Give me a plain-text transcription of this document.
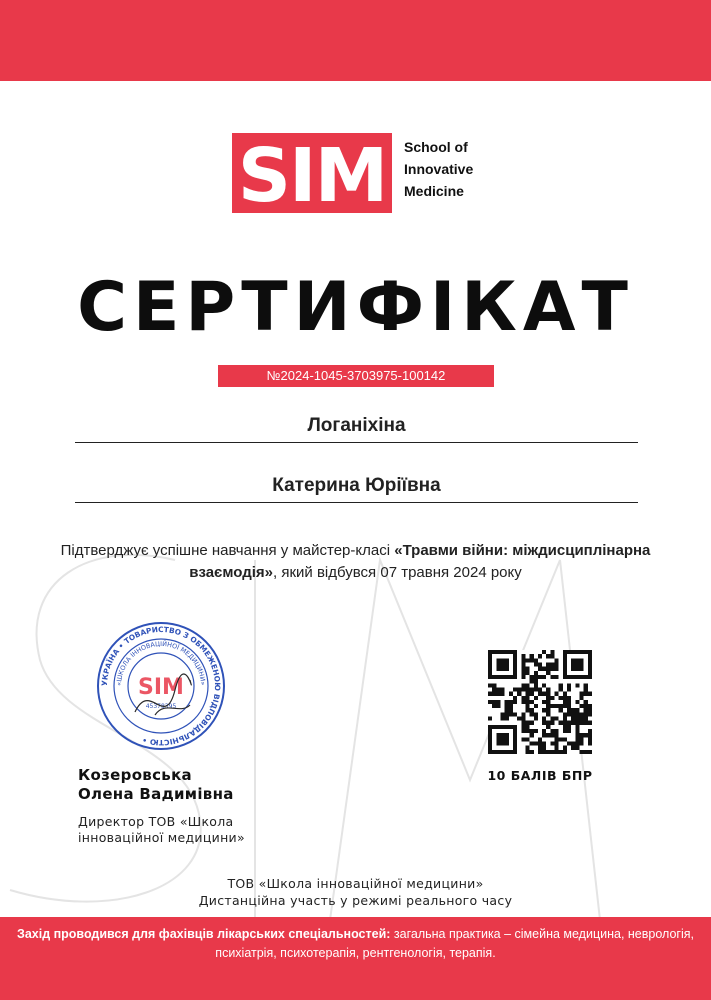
SIM School of
Innovative
Medicine
СЕРТИФІКАТ
№2024-1045-3703975-100142
Логаніхіна
Катерина Юріївна
Підтверджує успішне навчання у майстер-класі «Травми війни: міждисциплінарна взаємодія», який відбувся 07 травня 2024 року
УКРАЇНА • ТОВАРИСТВО З ОБМЕЖЕНОЮ ВІДПОВІДАЛЬНІСТЮ •
«ШКОЛА ІННОВАЦІЙНОЇ МЕДИЦИНИ»
SIM
45378395
10 БАЛІВ БПР
Козеровська
Олена Вадимівна
Директор ТОВ «Школа інноваційної медицини»
ТОВ «Школа інноваційної медицини»
Дистанційна участь у режимі реального часу
Захід проводився для фахівців лікарських спеціальностей: загальна практика – сімейна медицина, неврологія, психіатрія, психотерапія, рентгенологія, терапія.
